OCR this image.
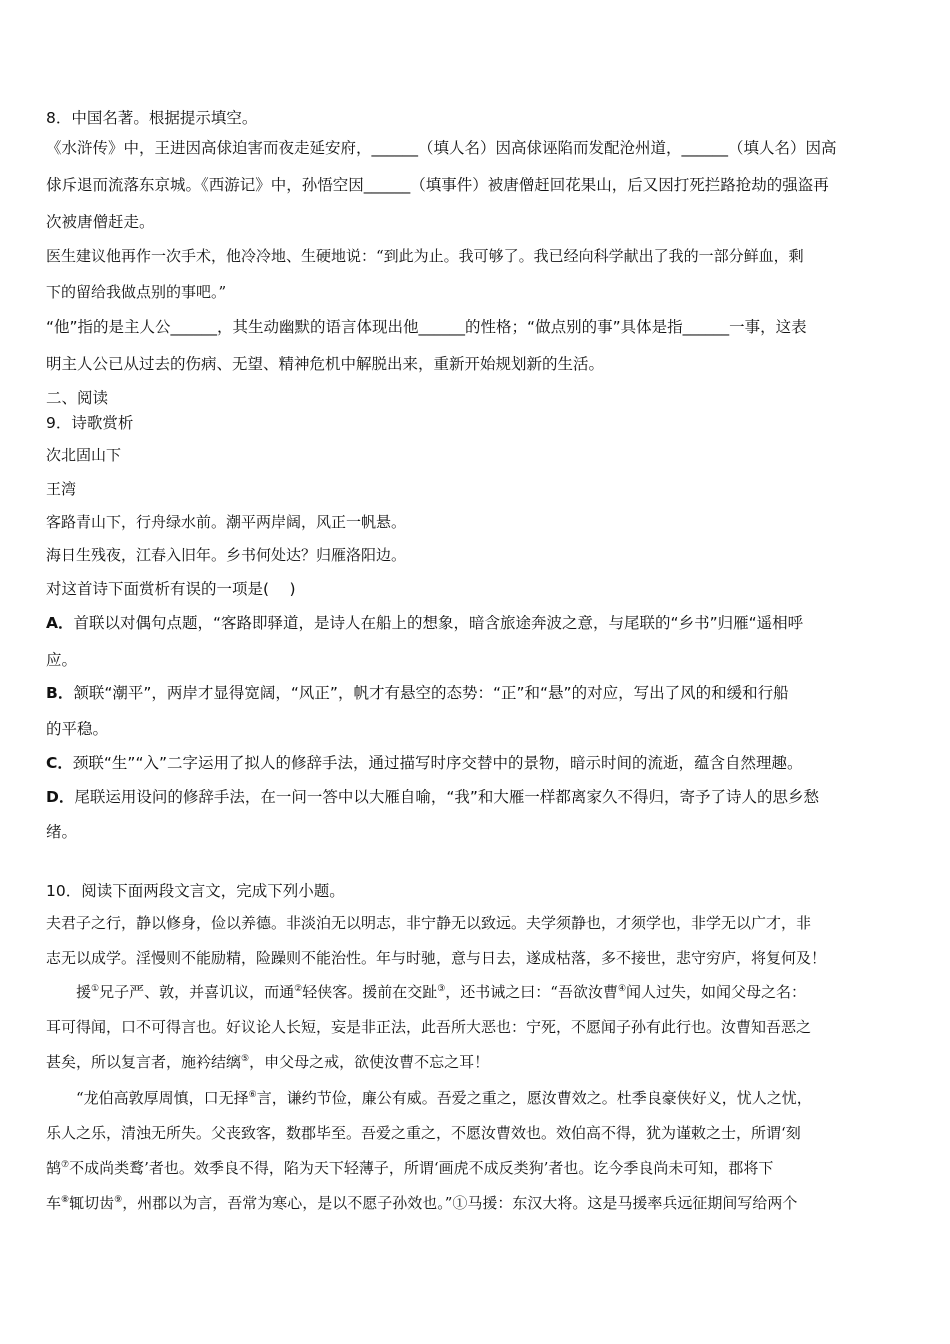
8．中国名著。根据提示填空。
《水浒传》中，王进因高俅迫害而夜走延安府，______（填人名）因高俅诬陷而发配沧州道，______（填人名）因高
俅斥退而流落东京城。《西游记》中，孙悟空因______（填事件）被唐僧赶回花果山，后又因打死拦路抢劫的强盗再
次被唐僧赶走。
医生建议他再作一次手术，他冷冷地、生硬地说：“到此为止。我可够了。我已经向科学献出了我的一部分鲜血，剩
下的留给我做点别的事吧。”
“他”指的是主人公______，其生动幽默的语言体现出他______的性格；“做点别的事”具体是指______一事，这表
明主人公已从过去的伤病、无望、精神危机中解脱出来，重新开始规划新的生活。
二、阅读
9．诗歌赏析
次北固山下
王湾
客路青山下，行舟绿水前。潮平两岸阔，风正一帆悬。
海日生残夜，江春入旧年。乡书何处达？归雁洛阳边。
对这首诗下面赏析有误的一项是(　 )
A．首联以对偶句点题，“客路即驿道，是诗人在船上的想象，暗含旅途奔波之意，与尾联的“乡书”归雁“遥相呼
应。
B．颔联“潮平”，两岸才显得宽阔，“风正”，帆才有悬空的态势：“正”和“悬”的对应，写出了风的和缓和行船
的平稳。
C．颈联“生”“入”二字运用了拟人的修辞手法，通过描写时序交替中的景物，暗示时间的流逝，蕴含自然理趣。
D．尾联运用设问的修辞手法，在一问一答中以大雁自喻，“我”和大雁一样都离家久不得归，寄予了诗人的思乡愁
绪。
10．阅读下面两段文言文，完成下列小题。
夫君子之行，静以修身，俭以养德。非淡泊无以明志，非宁静无以致远。夫学须静也，才须学也，非学无以广才，非
志无以成学。淫慢则不能励精，险躁则不能治性。年与时驰，意与日去，遂成枯落，多不接世，悲守穷庐，将复何及！
援①兄子严、敦，并喜讥议，而通②轻侠客。援前在交趾③，还书诫之曰：“吾欲汝曹④闻人过失，如闻父母之名：
耳可得闻，口不可得言也。好议论人长短，妄是非正法，此吾所大恶也：宁死，不愿闻子孙有此行也。汝曹知吾恶之
甚矣，所以复言者，施衿结缡⑤，申父母之戒，欲使汝曹不忘之耳！
“龙伯高敦厚周慎，口无择⑥言，谦约节俭，廉公有威。吾爱之重之，愿汝曹效之。杜季良豪侠好义，忧人之忧，
乐人之乐，清浊无所失。父丧致客，数郡毕至。吾爱之重之，不愿汝曹效也。效伯高不得，犹为谨敕之士，所谓‘刻
鹄⑦不成尚类鹜’者也。效季良不得，陷为天下轻薄子，所谓‘画虎不成反类狗’者也。讫今季良尚未可知，郡将下
车⑧辄切齿⑨，州郡以为言，吾常为寒心，是以不愿子孙效也。”①马援：东汉大将。这是马援率兵远征期间写给两个
